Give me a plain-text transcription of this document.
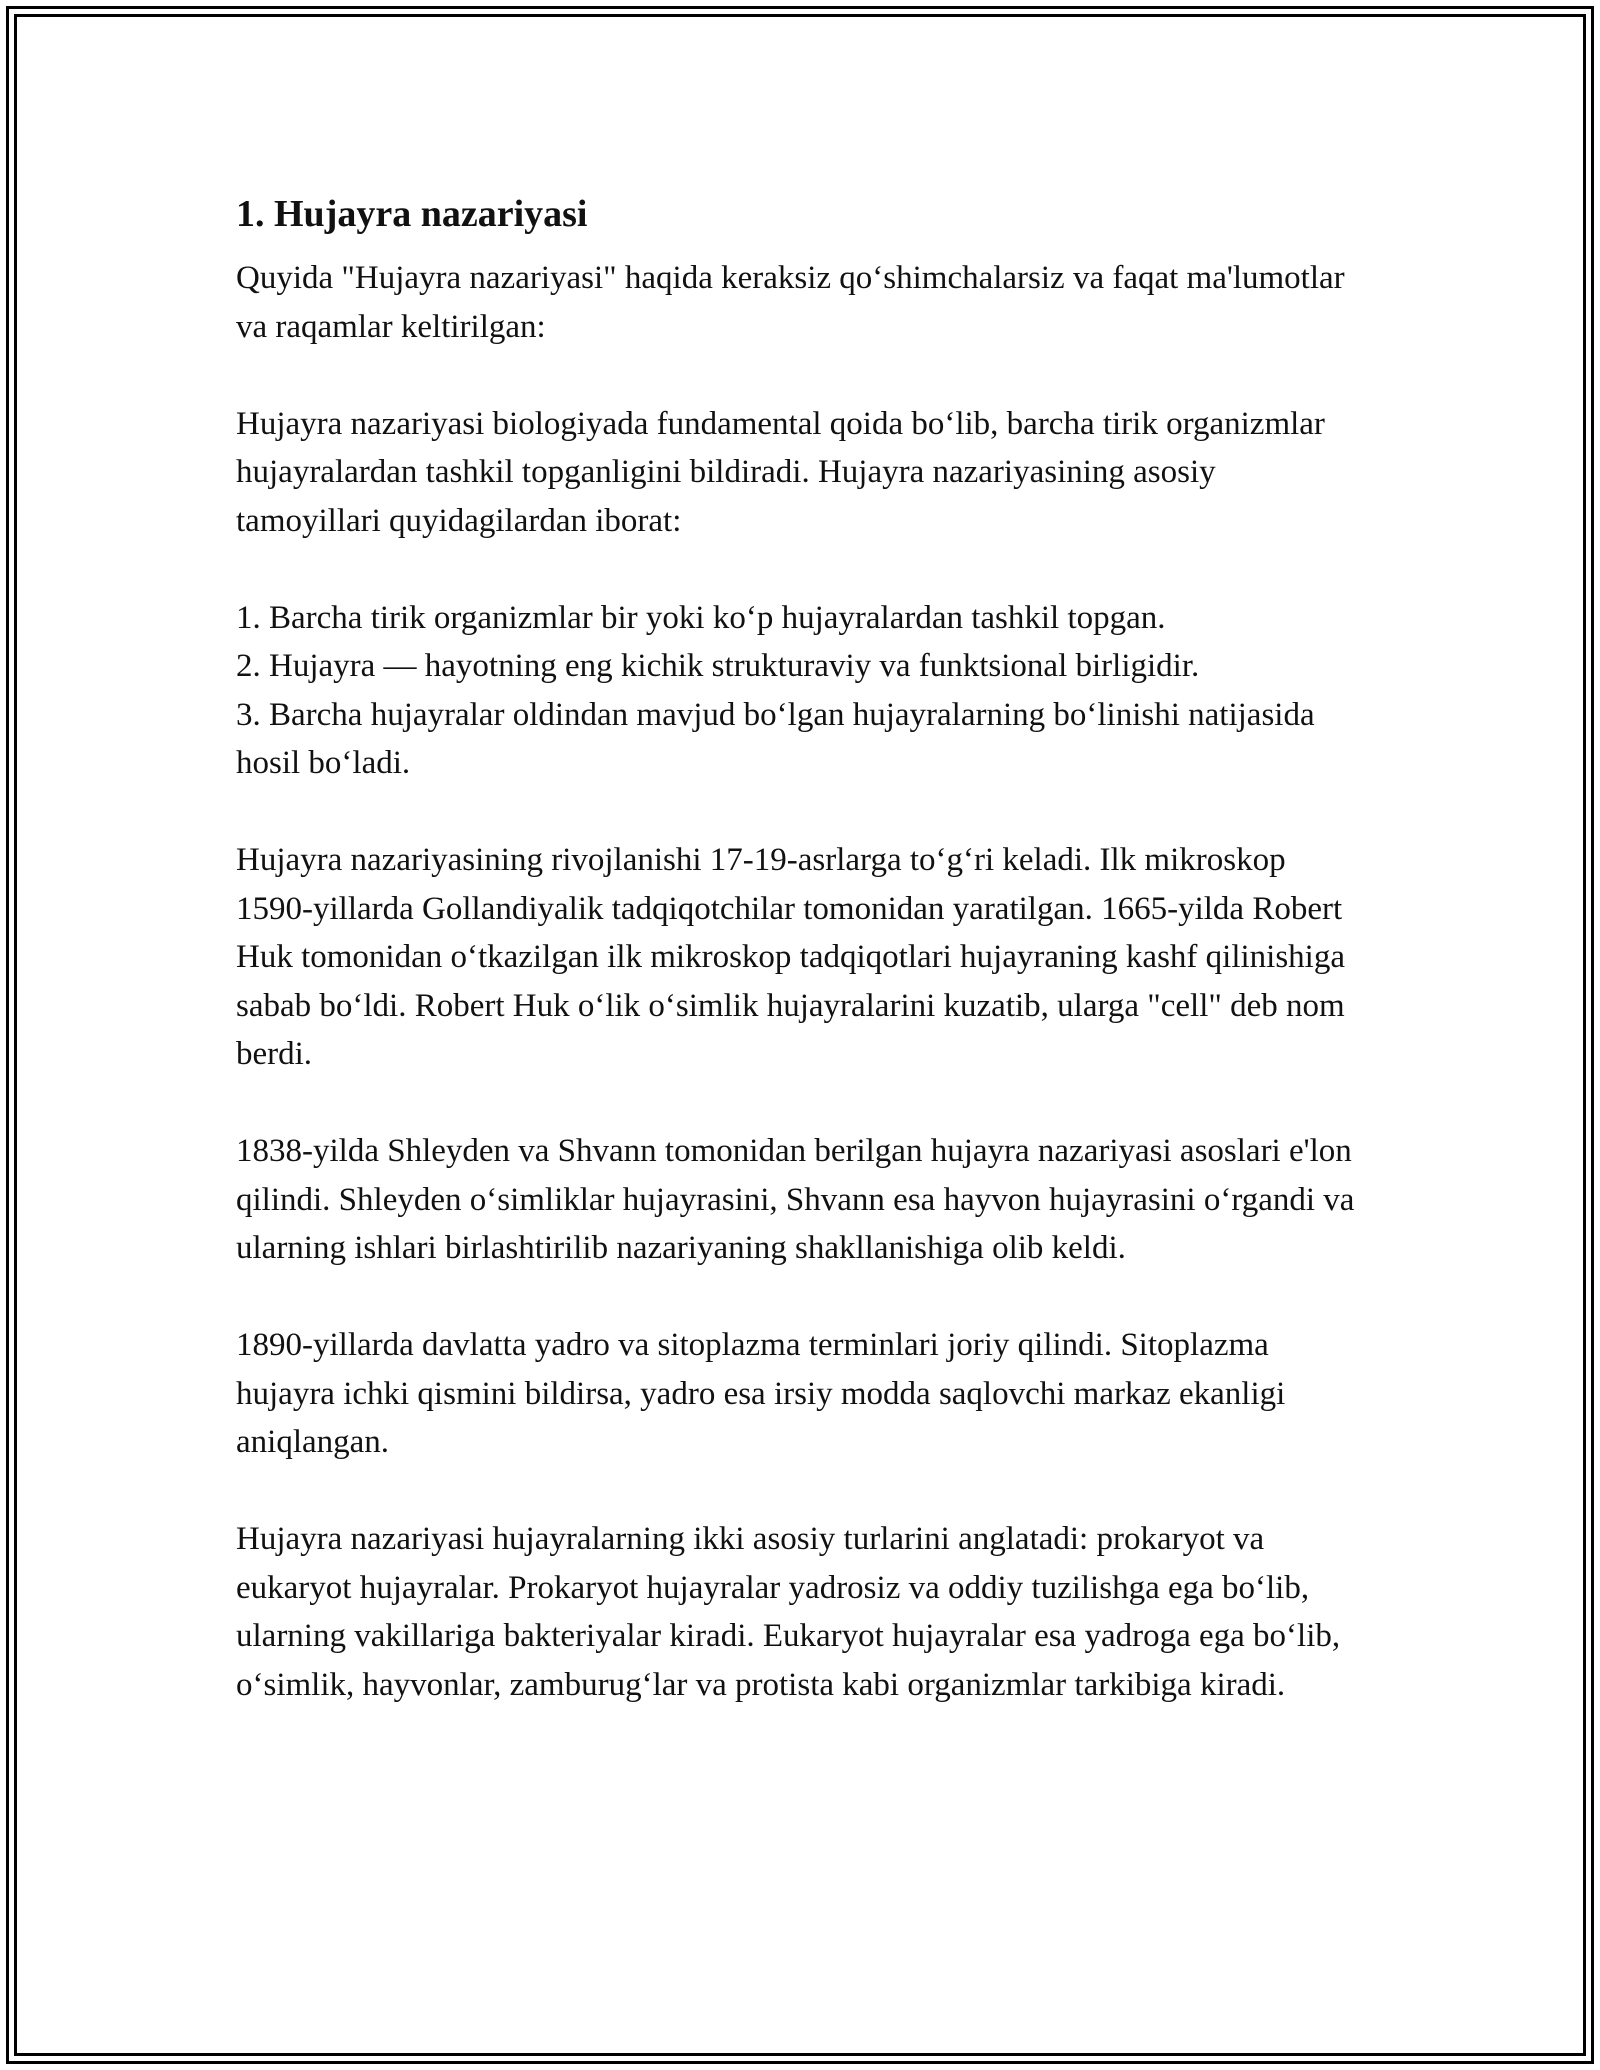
1. Hujayra nazariyasi

Quyida "Hujayra nazariyasi" haqida keraksiz qo‘shimchalarsiz va faqat ma'lumotlar va raqamlar keltirilgan:

Hujayra nazariyasi biologiyada fundamental qoida bo‘lib, barcha tirik organizmlar hujayralardan tashkil topganligini bildiradi. Hujayra nazariyasining asosiy tamoyillari quyidagilardan iborat:

1. Barcha tirik organizmlar bir yoki ko‘p hujayralardan tashkil topgan.
2. Hujayra — hayotning eng kichik strukturaviy va funktsional birligidir.
3. Barcha hujayralar oldindan mavjud bo‘lgan hujayralarning bo‘linishi natijasida hosil bo‘ladi.

Hujayra nazariyasining rivojlanishi 17-19-asrlarga to‘g‘ri keladi. Ilk mikroskop 1590-yillarda Gollandiyalik tadqiqotchilar tomonidan yaratilgan. 1665-yilda Robert Huk tomonidan o‘tkazilgan ilk mikroskop tadqiqotlari hujayraning kashf qilinishiga sabab bo‘ldi. Robert Huk o‘lik o‘simlik hujayralarini kuzatib, ularga "cell" deb nom berdi.

1838-yilda Shleyden va Shvann tomonidan berilgan hujayra nazariyasi asoslari e'lon qilindi. Shleyden o‘simliklar hujayrasini, Shvann esa hayvon hujayrasini o‘rgandi va ularning ishlari birlashtirilib nazariyaning shakllanishiga olib keldi.

1890-yillarda davlatta yadro va sitoplazma terminlari joriy qilindi. Sitoplazma hujayra ichki qismini bildirsa, yadro esa irsiy modda saqlovchi markaz ekanligi aniqlangan.

Hujayra nazariyasi hujayralarning ikki asosiy turlarini anglatadi: prokaryot va eukaryot hujayralar. Prokaryot hujayralar yadrosiz va oddiy tuzilishga ega bo‘lib, ularning vakillariga bakteriyalar kiradi. Eukaryot hujayralar esa yadroga ega bo‘lib, o‘simlik, hayvonlar, zamburug‘lar va protista kabi organizmlar tarkibiga kiradi.
